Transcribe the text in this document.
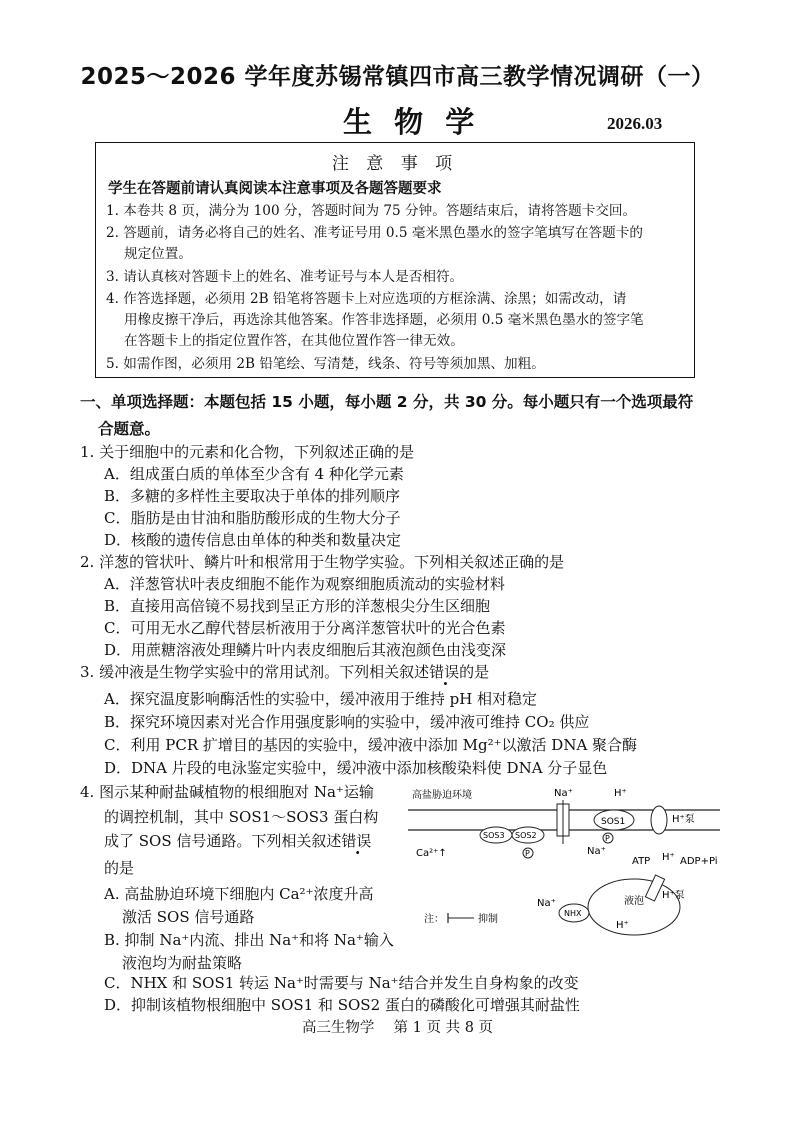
2025～2026 学年度苏锡常镇四市高三教学情况调研（一）
生 物 学	2026.03
注 意 事 项
学生在答题前请认真阅读本注意事项及各题答题要求
1. 本卷共 8 页，满分为 100 分，答题时间为 75 分钟。答题结束后，请将答题卡交回。
2. 答题前，请务必将自己的姓名、准考证号用 0.5 毫米黑色墨水的签字笔填写在答题卡的
规定位置。
3. 请认真核对答题卡上的姓名、准考证号与本人是否相符。
4. 作答选择题，必须用 2B 铅笔将答题卡上对应选项的方框涂满、涂黑；如需改动，请
用橡皮擦干净后，再选涂其他答案。作答非选择题，必须用 0.5 毫米黑色墨水的签字笔
在答题卡上的指定位置作答，在其他位置作答一律无效。
5. 如需作图，必须用 2B 铅笔绘、写清楚，线条、符号等须加黑、加粗。
一、单项选择题：本题包括 15 小题，每小题 2 分，共 30 分。每小题只有一个选项最符
合题意。
1. 关于细胞中的元素和化合物，下列叙述正确的是
A．组成蛋白质的单体至少含有 4 种化学元素
B．多糖的多样性主要取决于单体的排列顺序
C．脂肪是由甘油和脂肪酸形成的生物大分子
D．核酸的遗传信息由单体的种类和数量决定
2. 洋葱的管状叶、鳞片叶和根常用于生物学实验。下列相关叙述正确的是
A．洋葱管状叶表皮细胞不能作为观察细胞质流动的实验材料
B．直接用高倍镜不易找到呈正方形的洋葱根尖分生区细胞
C．可用无水乙醇代替层析液用于分离洋葱管状叶的光合色素
D．用蔗糖溶液处理鳞片叶内表皮细胞后其液泡颜色由浅变深
3. 缓冲液是生物学实验中的常用试剂。下列相关叙述错误的是
A．探究温度影响酶活性的实验中，缓冲液用于维持 pH 相对稳定
B．探究环境因素对光合作用强度影响的实验中，缓冲液可维持 CO₂ 供应
C．利用 PCR 扩增目的基因的实验中，缓冲液中添加 Mg²⁺以激活 DNA 聚合酶
D．DNA 片段的电泳鉴定实验中，缓冲液中添加核酸染料使 DNA 分子显色
4. 图示某种耐盐碱植物的根细胞对 Na⁺运输
的调控机制，其中 SOS1～SOS3 蛋白构
成了 SOS 信号通路。下列相关叙述错误
的是
A. 高盐胁迫环境下细胞内 Ca²⁺浓度升高
激活 SOS 信号通路
B. 抑制 Na⁺内流、排出 Na⁺和将 Na⁺输入
液泡均为耐盐策略
C．NHX 和 SOS1 转运 Na⁺时需要与 Na⁺结合并发生自身构象的改变
D．抑制该植物根细胞中 SOS1 和 SOS2 蛋白的磷酸化可增强其耐盐性
高盐胁迫环境	Na⁺
SOS3 SOS2
P
Ca²⁺↑
SOS1
P
Na⁺
H⁺
H⁺泵
ATP	ADP+Pi
H⁺
液泡
NHX
Na⁺
H⁺
H⁺泵
注：	抑制
高三生物学　 第 1 页 共 8 页
